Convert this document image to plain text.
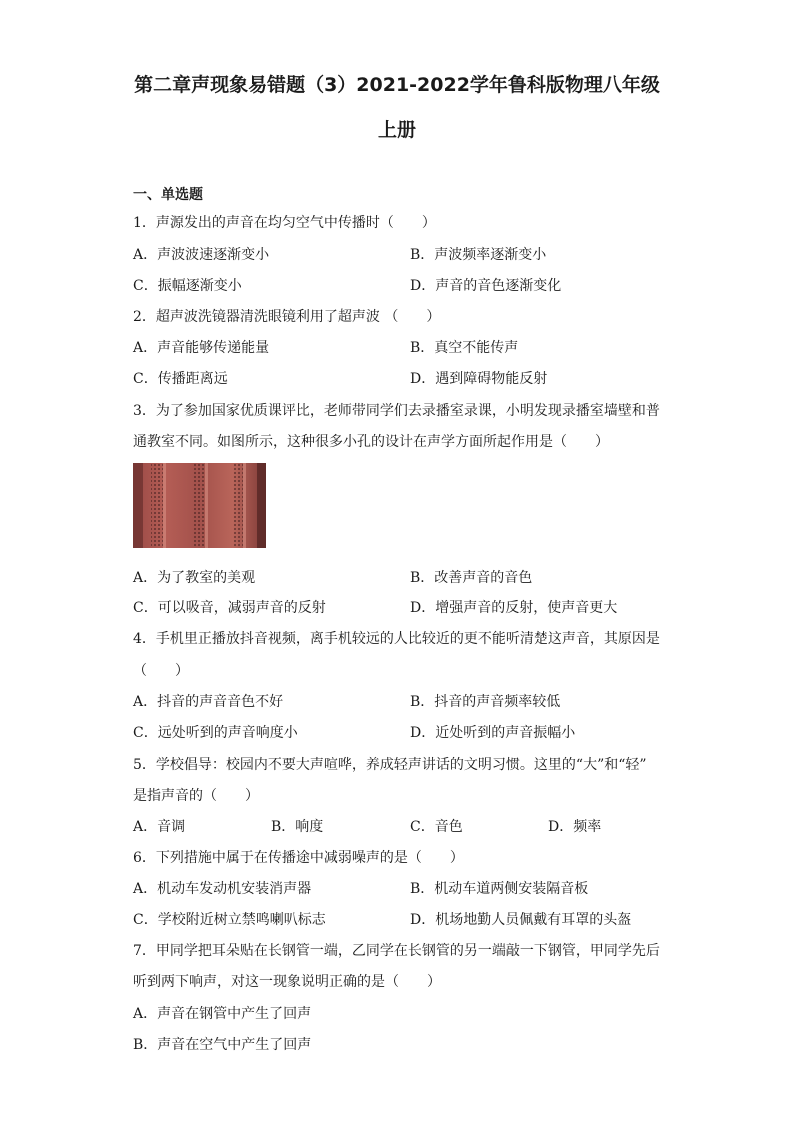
第二章声现象易错题（3）2021-2022学年鲁科版物理八年级
上册
一、单选题
1．声源发出的声音在均匀空气中传播时（　　）
A．声波波速逐渐变小	B．声波频率逐渐变小
C．振幅逐渐变小	D．声音的音色逐渐变化
2．超声波洗镜器清洗眼镜利用了超声波 （　　）
A．声音能够传递能量	B．真空不能传声
C．传播距离远	D．遇到障碍物能反射
3．为了参加国家优质课评比，老师带同学们去录播室录课，小明发现录播室墙壁和普
通教室不同。如图所示，这种很多小孔的设计在声学方面所起作用是（　　）
A．为了教室的美观	B．改善声音的音色
C．可以吸音，减弱声音的反射	D．增强声音的反射，使声音更大
4．手机里正播放抖音视频，离手机较远的人比较近的更不能听清楚这声音，其原因是
（　　）
A．抖音的声音音色不好	B．抖音的声音频率较低
C．远处听到的声音响度小	D．近处听到的声音振幅小
5．学校倡导：校园内不要大声喧哗，养成轻声讲话的文明习惯。这里的“大”和“轻”
是指声音的（　　）
A．音调	B．响度	C．音色	D．频率
6．下列措施中属于在传播途中减弱噪声的是（　　）
A．机动车发动机安装消声器	B．机动车道两侧安装隔音板
C．学校附近树立禁鸣喇叭标志	D．机场地勤人员佩戴有耳罩的头盔
7．甲同学把耳朵贴在长钢管一端，乙同学在长钢管的另一端敲一下钢管，甲同学先后
听到两下响声，对这一现象说明正确的是（　　）
A．声音在钢管中产生了回声
B．声音在空气中产生了回声
